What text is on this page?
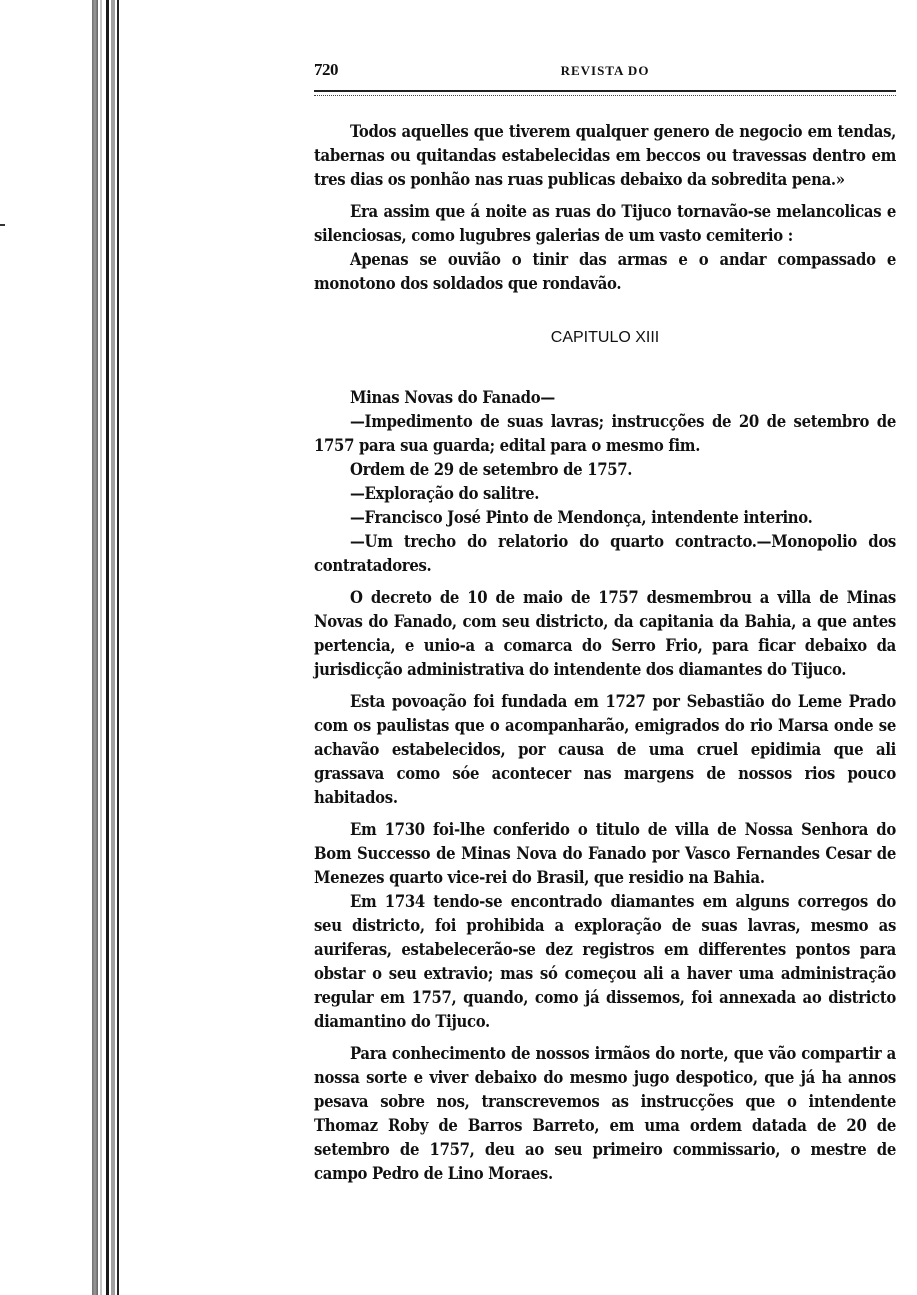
720	REVISTA DO

Todos aquelles que tiverem qualquer genero de negocio em tendas, tabernas ou quitandas estabelecidas em beccos ou travessas dentro em tres dias os ponhão nas ruas publicas debaixo da sobredita pena.»

Era assim que á noite as ruas do Tijuco tornavão-se melancolicas e silenciosas, como lugubres galerias de um vasto cemiterio :

Apenas se ouvião o tinir das armas e o andar compassado e monotono dos soldados que rondavão.

CAPITULO XIII

Minas Novas do Fanado—

—Impedimento de suas lavras; instrucções de 20 de setembro de 1757 para sua guarda; edital para o mesmo fim.

Ordem de 29 de setembro de 1757.

—Exploração do salitre.

—Francisco José Pinto de Mendonça, intendente interino.

—Um trecho do relatorio do quarto contracto.—Monopolio dos contratadores.

O decreto de 10 de maio de 1757 desmembrou a villa de Minas Novas do Fanado, com seu districto, da capitania da Bahia, a que antes pertencia, e unio-a a comarca do Serro Frio, para ficar debaixo da jurisdicção administrativa do intendente dos diamantes do Tijuco.

Esta povoação foi fundada em 1727 por Sebastião do Leme Prado com os paulistas que o acompanharão, emigrados do rio Marsa onde se achavão estabelecidos, por causa de uma cruel epidimia que ali grassava como sóe acontecer nas margens de nossos rios pouco habitados.

Em 1730 foi-lhe conferido o titulo de villa de Nossa Senhora do Bom Successo de Minas Nova do Fanado por Vasco Fernandes Cesar de Menezes quarto vice-rei do Brasil, que residio na Bahia.

Em 1734 tendo-se encontrado diamantes em alguns corregos do seu districto, foi prohibida a exploração de suas lavras, mesmo as auriferas, estabelecerão-se dez registros em differentes pontos para obstar o seu extravio; mas só começou ali a haver uma administração regular em 1757, quando, como já dissemos, foi annexada ao districto diamantino do Tijuco.

Para conhecimento de nossos irmãos do norte, que vão compartir a nossa sorte e viver debaixo do mesmo jugo despotico, que já ha annos pesava sobre nos, transcrevemos as instrucções que o intendente Thomaz Roby de Barros Barreto, em uma ordem datada de 20 de setembro de 1757, deu ao seu primeiro commissario, o mestre de campo Pedro de Lino Moraes.
